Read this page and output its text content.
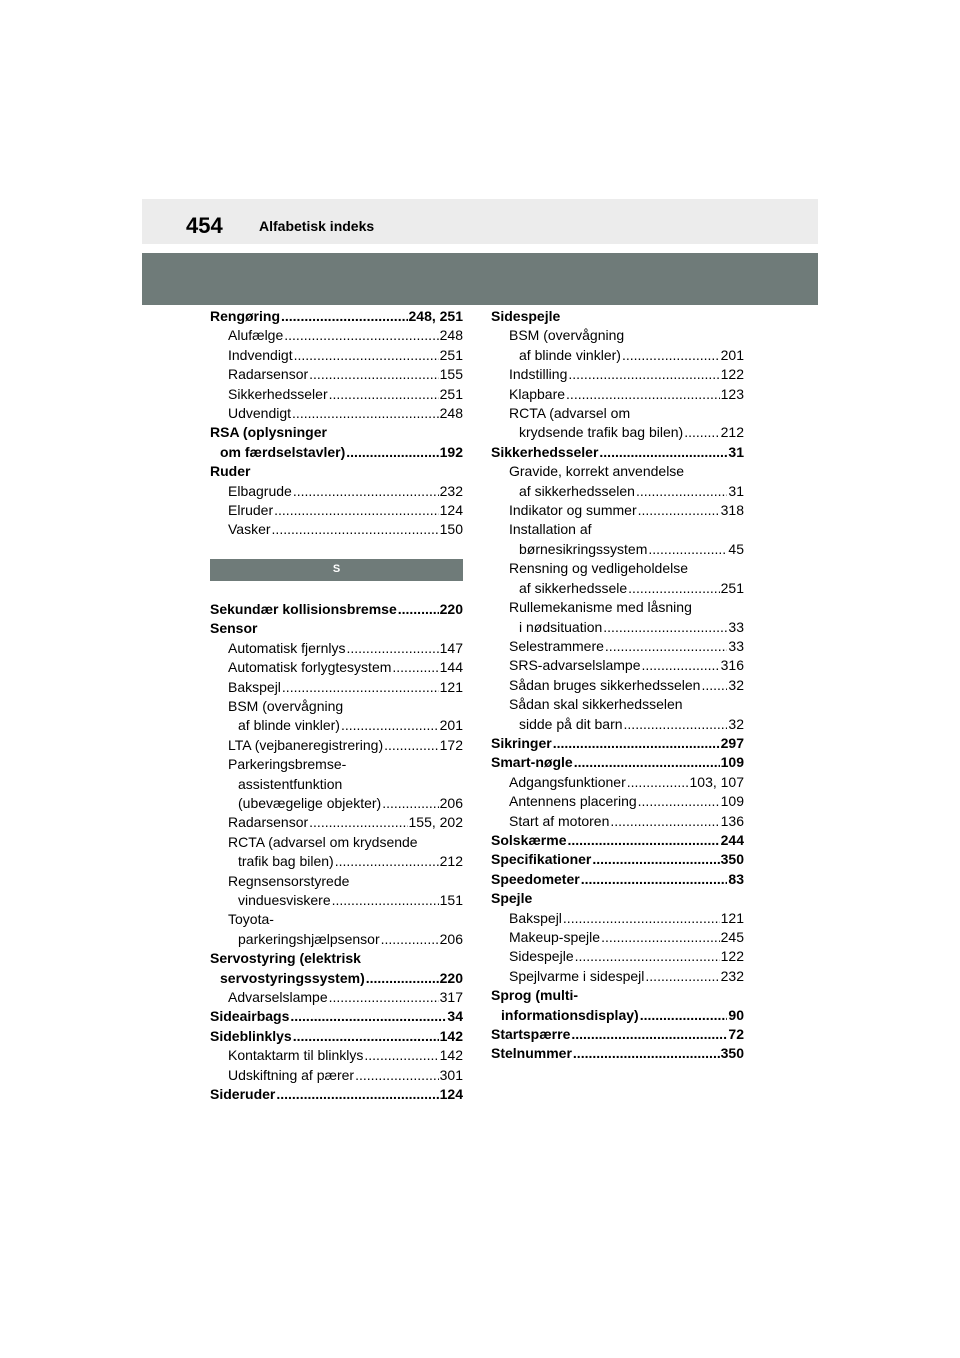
454	Alfabetisk indeks
Rengøring .....	248, 251
Alufælge .....	248
Indvendigt .....	251
Radarsensor .....	155
Sikkerhedsseler .....	251
Udvendigt .....	248
RSA (oplysninger
om færdselstavler) .....	192
Ruder
Elbagrude .....	232
Elruder .....	124
Vasker .....	150
S
Sekundær kollisionsbremse .....	220
Sensor
Automatisk fjernlys .....	147
Automatisk forlygtesystem .....	144
Bakspejl .....	121
BSM (overvågning
af blinde vinkler) .....	201
LTA (vejbaneregistrering) .....	172
Parkeringsbremse-
assistentfunktion
(ubevægelige objekter) .....	206
Radarsensor .....	155, 202
RCTA (advarsel om krydsende
trafik bag bilen) .....	212
Regnsensorstyrede
vinduesviskere .....	151
Toyota-
parkeringshjælpsensor .....	206
Servostyring (elektrisk
servostyringssystem) .....	220
Advarselslampe .....	317
Sideairbags .....	34
Sideblinklys .....	142
Kontaktarm til blinklys .....	142
Udskiftning af pærer .....	301
Sideruder .....	124
Sidespejle
BSM (overvågning
af blinde vinkler) .....	201
Indstilling .....	122
Klapbare .....	123
RCTA (advarsel om
krydsende trafik bag bilen) .....	212
Sikkerhedsseler .....	31
Gravide, korrekt anvendelse
af sikkerhedsselen .....	31
Indikator og summer .....	318
Installation af
børnesikringssystem .....	45
Rensning og vedligeholdelse
af sikkerhedssele .....	251
Rullemekanisme med låsning
i nødsituation .....	33
Selestrammere .....	33
SRS-advarselslampe .....	316
Sådan bruges sikkerhedsselen ..... 32
Sådan skal sikkerhedsselen
sidde på dit barn .....	32
Sikringer .....	297
Smart-nøgle .....	109
Adgangsfunktioner .....	103, 107
Antennens placering .....	109
Start af motoren .....	136
Solskærme .....	244
Specifikationer .....	350
Speedometer .....	83
Spejle
Bakspejl .....	121
Makeup-spejle .....	245
Sidespejle .....	122
Spejlvarme i sidespejl .....	232
Sprog (multi-
informationsdisplay) .....	90
Startspærre .....	72
Stelnummer .....	350
